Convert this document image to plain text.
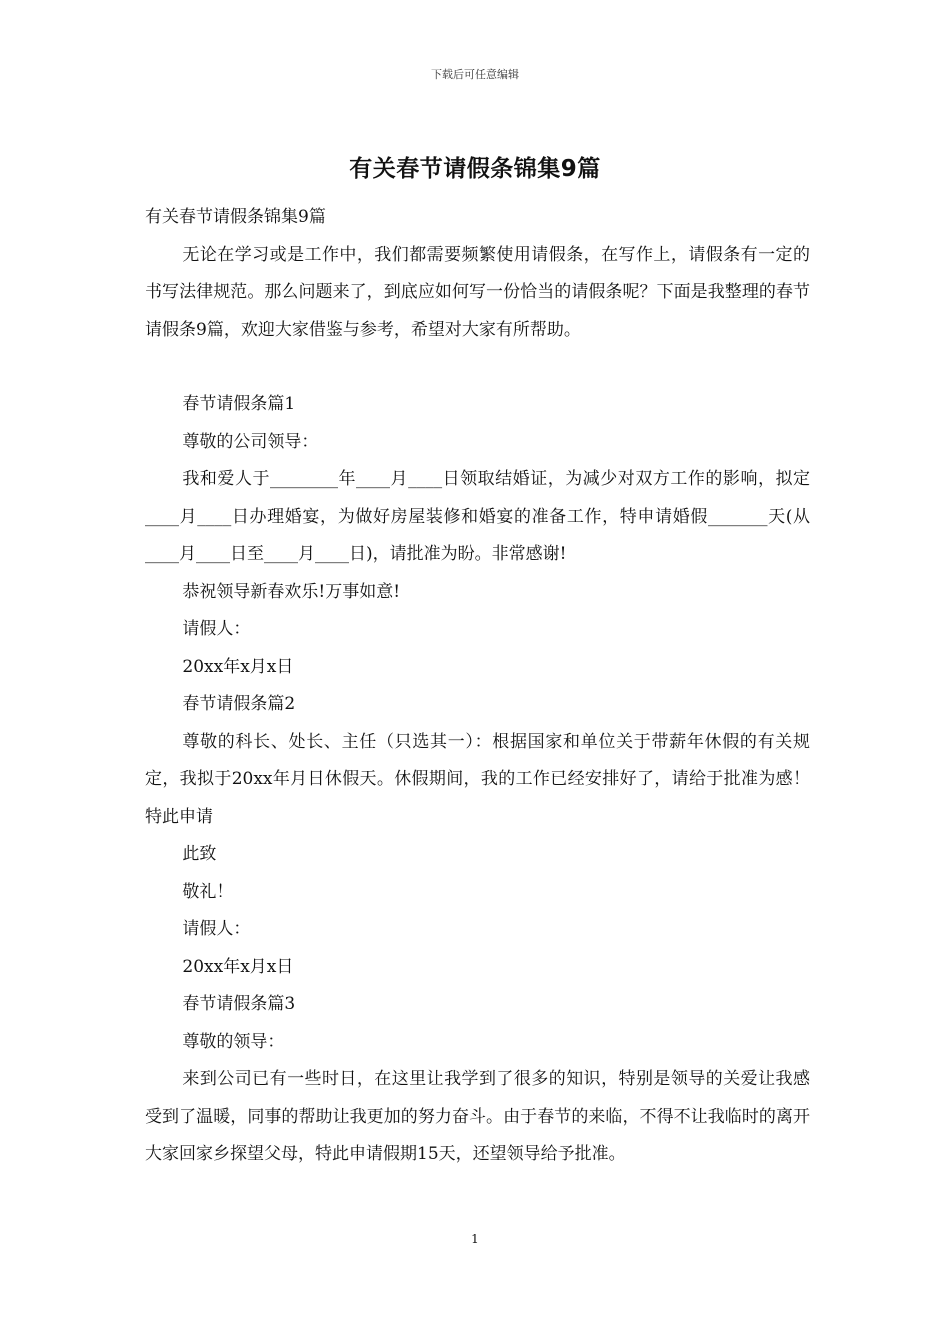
下载后可任意编辑
有关春节请假条锦集9篇

有关春节请假条锦集9篇

无论在学习或是工作中，我们都需要频繁使用请假条，在写作上，请假条有一定的书写法律规范。那么问题来了，到底应如何写一份恰当的请假条呢？下面是我整理的春节请假条9篇，欢迎大家借鉴与参考，希望对大家有所帮助。

春节请假条篇1

尊敬的公司领导：

我和爱人于________年____月____日领取结婚证，为减少对双方工作的影响，拟定____月____日办理婚宴，为做好房屋装修和婚宴的准备工作，特申请婚假_______天(从____月____日至____月____日)，请批准为盼。非常感谢!

恭祝领导新春欢乐!万事如意!

请假人：

20xx年x月x日

春节请假条篇2

尊敬的科长、处长、主任（只选其一）：根据国家和单位关于带薪年休假的有关规定，我拟于20xx年月日休假天。休假期间，我的工作已经安排好了，请给于批准为感！特此申请

此致

敬礼！

请假人：

20xx年x月x日

春节请假条篇3

尊敬的领导：

来到公司已有一些时日，在这里让我学到了很多的知识，特别是领导的关爱让我感受到了温暖，同事的帮助让我更加的努力奋斗。由于春节的来临，不得不让我临时的离开大家回家乡探望父母，特此申请假期15天，还望领导给予批准。

1
